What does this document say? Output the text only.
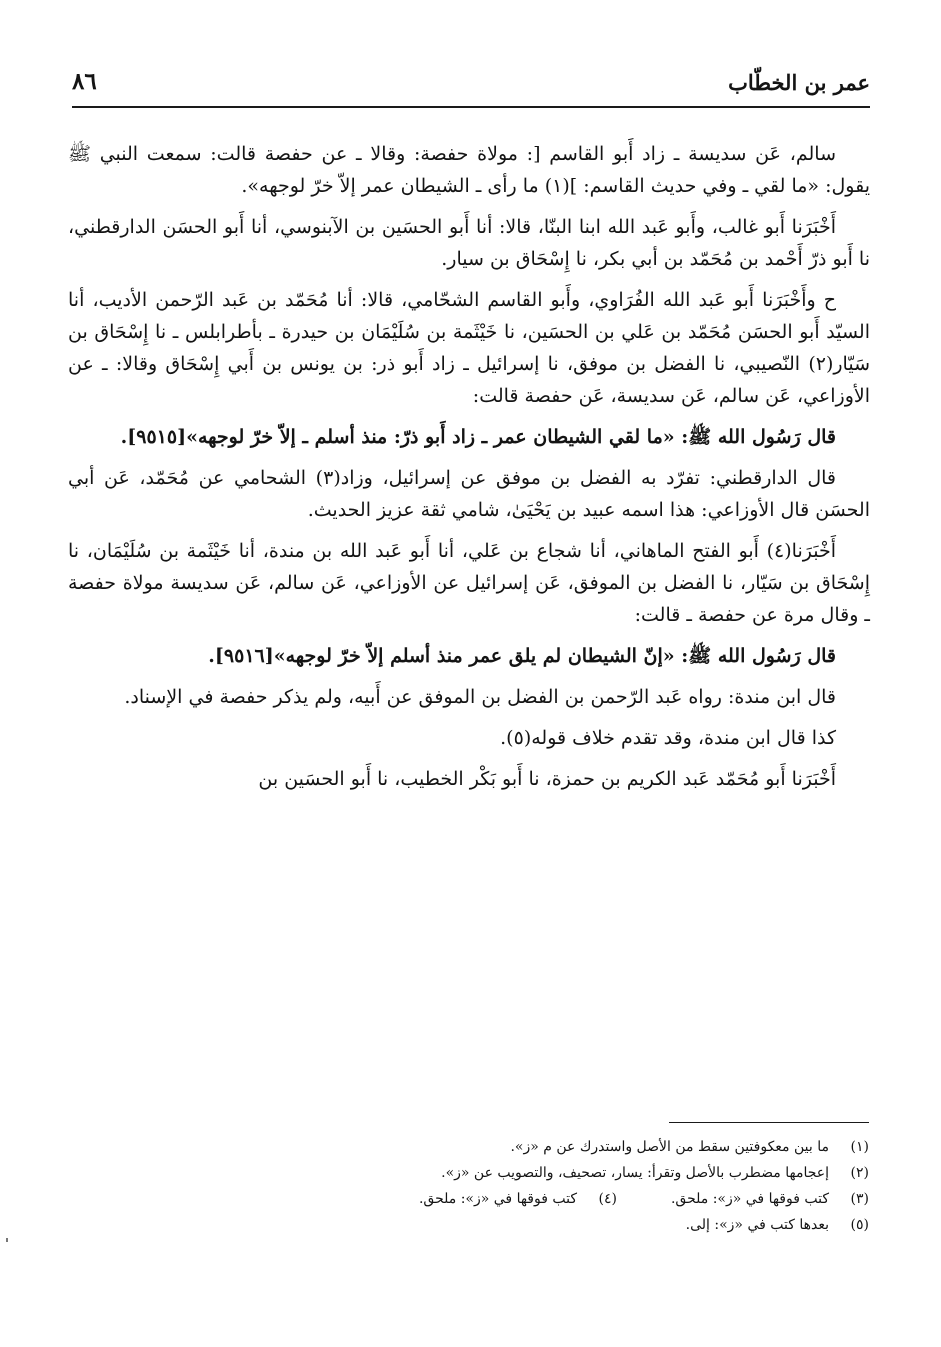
عمر بن الخطّاب
٨٦

سالم، عَن سديسة ـ زاد أَبو القاسم [: مولاة حفصة: وقالا ـ عن حفصة قالت: سمعت النبي ﷺ يقول: «ما لقي ـ وفي حديث القاسم: ](١) ما رأى ـ الشيطان عمر إلاّ خرّ لوجهه».

أَخْبَرَنا أَبو غالب، وأَبو عَبد الله ابنا البنّا، قالا: أنا أَبو الحسَين بن الآبنوسي، أنا أَبو الحسَن الدارقطني، نا أَبو ذرّ أَحْمد بن مُحَمّد بن أبي بكر، نا إِسْحَاق بن سيار.

ح وأَخْبَرَنا أَبو عَبد الله الفُرَاوي، وأَبو القاسم الشحّامي، قالا: أنا مُحَمّد بن عَبد الرّحمن الأديب، أنا السيّد أَبو الحسَن مُحَمّد بن عَلي بن الحسَين، نا خَيْثَمة بن سُلَيْمَان بن حيدرة ـ بأطرابلس ـ نا إِسْحَاق بن سَيّار(٢) النّصيبي، نا الفضل بن موفق، نا إسرائيل ـ زاد أَبو ذر: بن يونس بن أَبي إِسْحَاق وقالا: ـ عن الأوزاعي، عَن سالم، عَن سديسة، عَن حفصة قالت:

قال رَسُول الله ﷺ: «ما لقي الشيطان عمر ـ زاد أَبو ذرّ: منذ أسلم ـ إلاّ خرّ لوجهه»[٩٥١٥].

قال الدارقطني: تفرّد به الفضل بن موفق عن إسرائيل، وزاد(٣) الشحامي عن مُحَمّد، عَن أبي الحسَن قال الأوزاعي: هذا اسمه عبيد بن يَحْيَىٰ، شامي ثقة عزيز الحديث.

أَخْبَرَنا(٤) أَبو الفتح الماهاني، أنا شجاع بن عَلي، أنا أَبو عَبد الله بن مندة، أنا خَيْثَمة بن سُلَيْمَان، نا إِسْحَاق بن سَيّار، نا الفضل بن الموفق، عَن إسرائيل عن الأوزاعي، عَن سالم، عَن سديسة مولاة حفصة ـ وقال مرة عن حفصة ـ قالت:

قال رَسُول الله ﷺ: «إنّ الشيطان لم يلق عمر منذ أسلم إلاّ خرّ لوجهه»[٩٥١٦].

قال ابن مندة: رواه عَبد الرّحمن بن الفضل بن الموفق عن أَبيه، ولم يذكر حفصة في الإسناد.

كذا قال ابن مندة، وقد تقدم خلاف قوله(٥).

أَخْبَرَنا أَبو مُحَمّد عَبد الكريم بن حمزة، نا أَبو بَكْر الخطيب، نا أَبو الحسَين بن

(١)
ما بين معكوفتين سقط من الأصل واستدرك عن م «ز».
(٢)
إعجامها مضطرب بالأصل وتقرأ: يسار، تصحيف، والتصويب عن «ز».
(٣)
كتب فوقها في «ز»: ملحق.
(٤)
كتب فوقها في «ز»: ملحق.
(٥)
بعدها كتب في «ز»: إلى.
